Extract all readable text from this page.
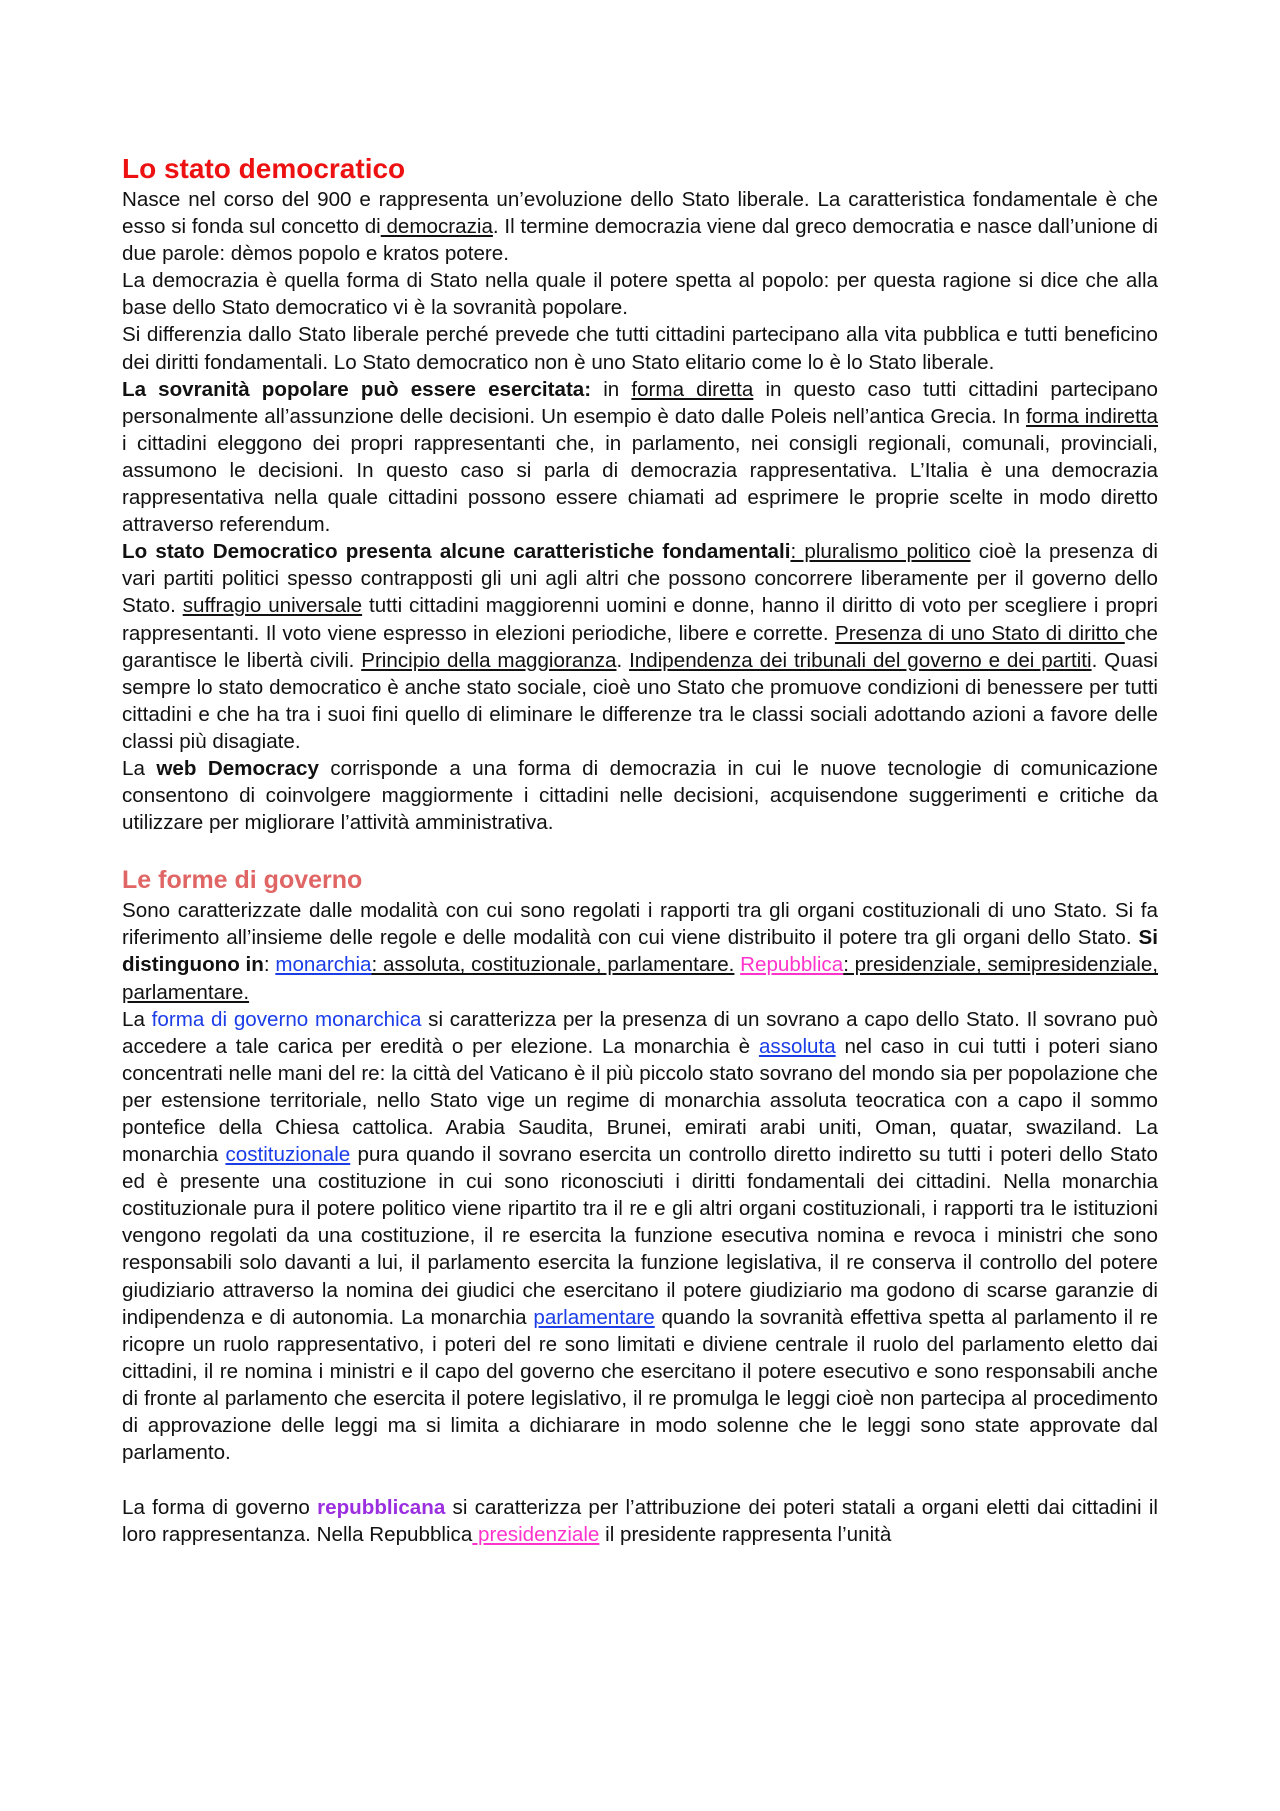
Lo stato democratico

Nasce nel corso del 900 e rappresenta un’evoluzione dello Stato liberale. La caratteristica fondamentale è che esso si fonda sul concetto di democrazia. Il termine democrazia viene dal greco democratia e nasce dall’unione di due parole: dèmos popolo e kratos potere.

La democrazia è quella forma di Stato nella quale il potere spetta al popolo: per questa ragione si dice che alla base dello Stato democratico vi è la sovranità popolare.

Si differenzia dallo Stato liberale perché prevede che tutti cittadini partecipano alla vita pubblica e tutti beneficino dei diritti fondamentali. Lo Stato democratico non è uno Stato elitario come lo è lo Stato liberale.

La sovranità popolare può essere esercitata: in forma diretta in questo caso tutti cittadini partecipano personalmente all’assunzione delle decisioni. Un esempio è dato dalle Poleis nell’antica Grecia. In forma indiretta i cittadini eleggono dei propri rappresentanti che, in parlamento, nei consigli regionali, comunali, provinciali, assumono le decisioni. In questo caso si parla di democrazia rappresentativa. L’Italia è una democrazia rappresentativa nella quale cittadini possono essere chiamati ad esprimere le proprie scelte in modo diretto attraverso referendum.

Lo stato Democratico presenta alcune caratteristiche fondamentali: pluralismo politico cioè la presenza di vari partiti politici spesso contrapposti gli uni agli altri che possono concorrere liberamente per il governo dello Stato. suffragio universale tutti cittadini maggiorenni uomini e donne, hanno il diritto di voto per scegliere i propri rappresentanti. Il voto viene espresso in elezioni periodiche, libere e corrette. Presenza di uno Stato di diritto che garantisce le libertà civili. Principio della maggioranza. Indipendenza dei tribunali del governo e dei partiti. Quasi sempre lo stato democratico è anche stato sociale, cioè uno Stato che promuove condizioni di benessere per tutti cittadini e che ha tra i suoi fini quello di eliminare le differenze tra le classi sociali adottando azioni a favore delle classi più disagiate.

La web Democracy corrisponde a una forma di democrazia in cui le nuove tecnologie di comunicazione consentono di coinvolgere maggiormente i cittadini nelle decisioni, acquisendone suggerimenti e critiche da utilizzare per migliorare l’attività amministrativa.

Le forme di governo

Sono caratterizzate dalle modalità con cui sono regolati i rapporti tra gli organi costituzionali di uno Stato. Si fa riferimento all’insieme delle regole e delle modalità con cui viene distribuito il potere tra gli organi dello Stato. Si distinguono in: monarchia: assoluta, costituzionale, parlamentare. Repubblica: presidenziale, semipresidenziale, parlamentare.

La forma di governo monarchica si caratterizza per la presenza di un sovrano a capo dello Stato. Il sovrano può accedere a tale carica per eredità o per elezione. La monarchia è assoluta nel caso in cui tutti i poteri siano concentrati nelle mani del re: la città del Vaticano è il più piccolo stato sovrano del mondo sia per popolazione che per estensione territoriale, nello Stato vige un regime di monarchia assoluta teocratica con a capo il sommo pontefice della Chiesa cattolica. Arabia Saudita, Brunei, emirati arabi uniti, Oman, quatar, swaziland. La monarchia costituzionale pura quando il sovrano esercita un controllo diretto indiretto su tutti i poteri dello Stato ed è presente una costituzione in cui sono riconosciuti i diritti fondamentali dei cittadini. Nella monarchia costituzionale pura il potere politico viene ripartito tra il re e gli altri organi costituzionali, i rapporti tra le istituzioni vengono regolati da una costituzione, il re esercita la funzione esecutiva nomina e revoca i ministri che sono responsabili solo davanti a lui, il parlamento esercita la funzione legislativa, il re conserva il controllo del potere giudiziario attraverso la nomina dei giudici che esercitano il potere giudiziario ma godono di scarse garanzie di indipendenza e di autonomia. La monarchia parlamentare quando la sovranità effettiva spetta al parlamento il re ricopre un ruolo rappresentativo, i poteri del re sono limitati e diviene centrale il ruolo del parlamento eletto dai cittadini, il re nomina i ministri e il capo del governo che esercitano il potere esecutivo e sono responsabili anche di fronte al parlamento che esercita il potere legislativo, il re promulga le leggi cioè non partecipa al procedimento di approvazione delle leggi ma si limita a dichiarare in modo solenne che le leggi sono state approvate dal parlamento.

La forma di governo repubblicana si caratterizza per l’attribuzione dei poteri statali a organi eletti dai cittadini il loro rappresentanza. Nella Repubblica presidenziale il presidente rappresenta l’unità
